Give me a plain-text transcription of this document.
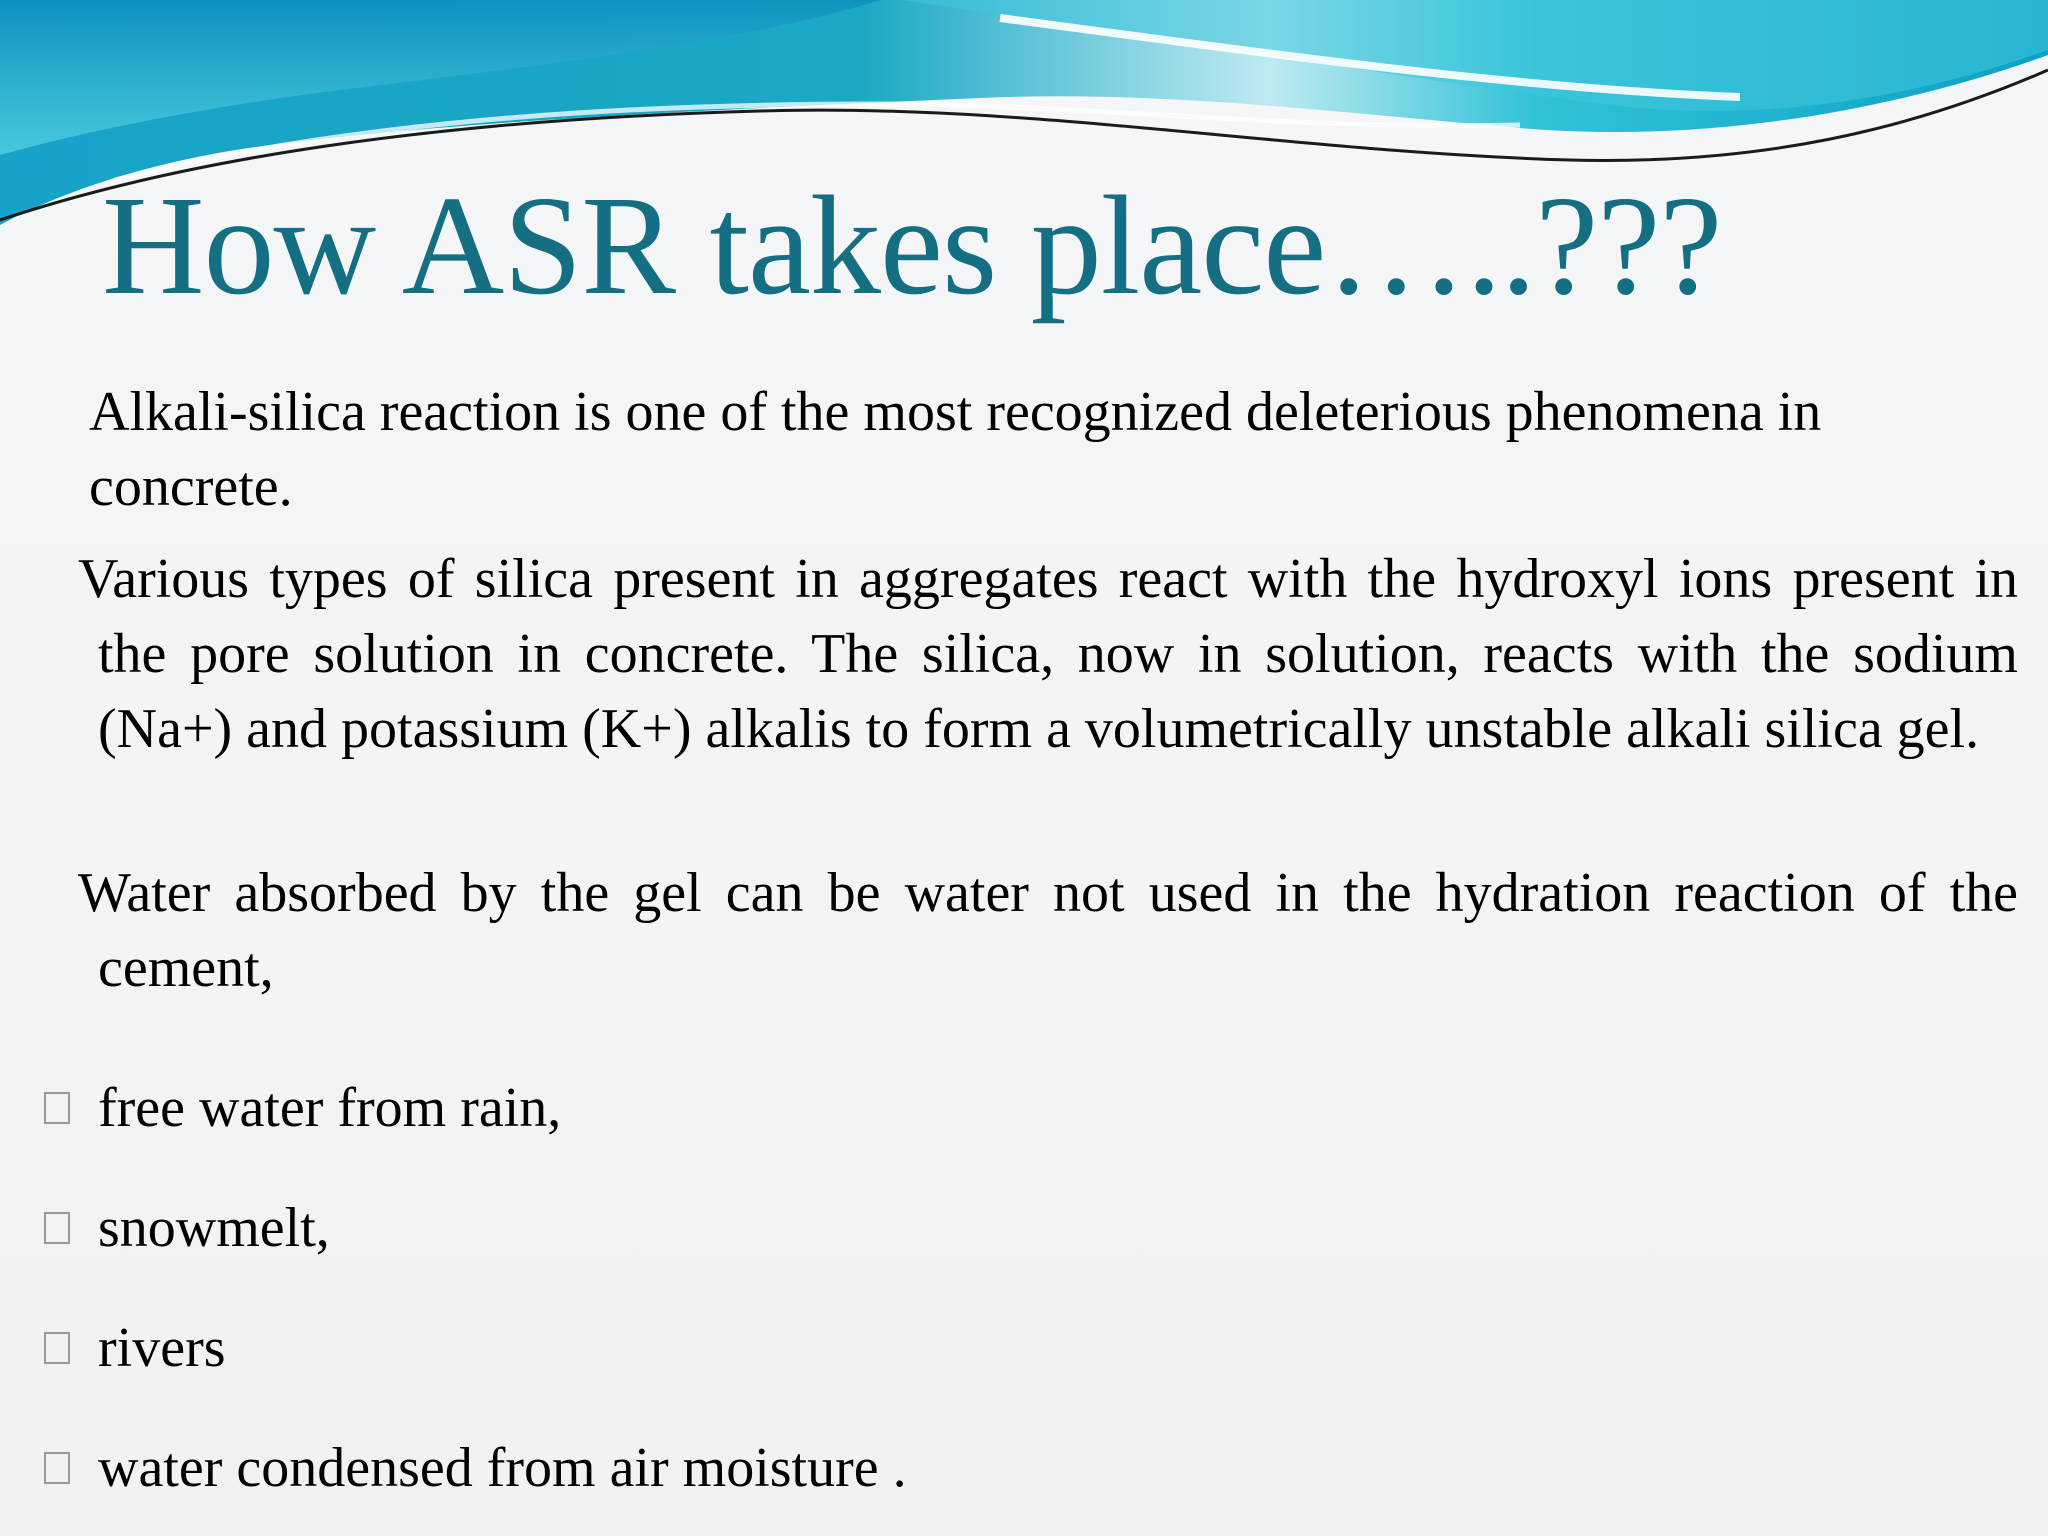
How ASR takes place…..???

Alkali-silica reaction is one of the most recognized deleterious phenomena in concrete.

Various types of silica present in aggregates react with the hydroxyl ions present in the pore solution in concrete. The silica, now in solution, reacts with the sodium (Na+) and potassium (K+) alkalis to form a volumetrically unstable alkali silica gel.

Water absorbed by the gel can be water not used in the hydration reaction of the cement,

free water from rain,
snowmelt,
rivers
water condensed from air moisture .
